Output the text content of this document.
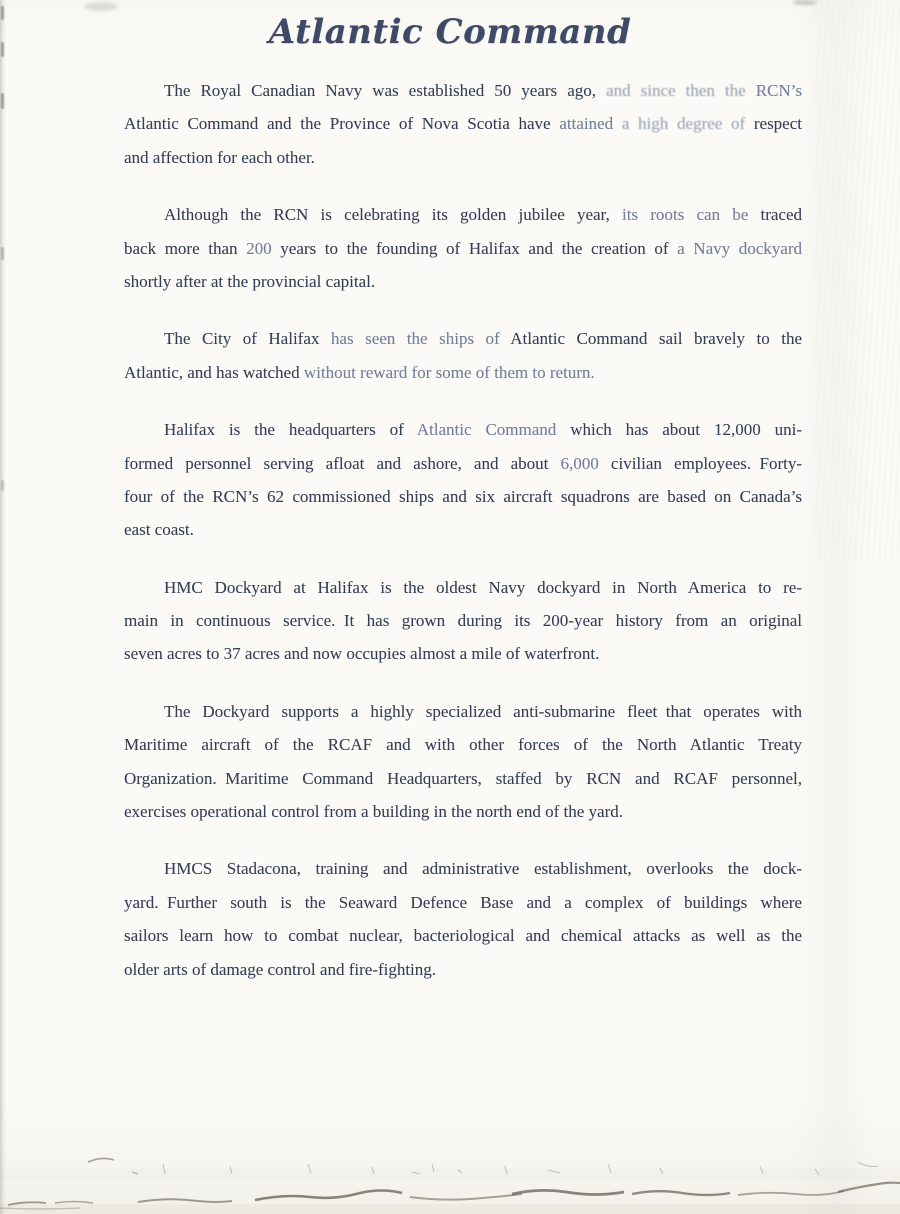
Atlantic Command
The Royal Canadian Navy was established 50 years ago, and since then the RCN’s
Atlantic Command and the Province of Nova Scotia have attained a high degree of respect
and affection for each other.
Although the RCN is celebrating its golden jubilee year, its roots can be traced
back more than 200 years to the founding of Halifax and the creation of a Navy dockyard
shortly after at the provincial capital.
The City of Halifax has seen the ships of Atlantic Command sail bravely to the
Atlantic, and has watched without reward for some of them to return.
Halifax is the headquarters of Atlantic Command which has about 12,000 uni-
formed personnel serving afloat and ashore, and about 6,000 civilian employees. Forty-
four of the RCN’s 62 commissioned ships and six aircraft squadrons are based on Canada’s
east coast.
HMC Dockyard at Halifax is the oldest Navy dockyard in North America to re-
main in continuous service. It has grown during its 200-year history from an original
seven acres to 37 acres and now occupies almost a mile of waterfront.
The Dockyard supports a highly specialized anti-submarine fleet that operates with
Maritime aircraft of the RCAF and with other forces of the North Atlantic Treaty
Organization. Maritime Command Headquarters, staffed by RCN and RCAF personnel,
exercises operational control from a building in the north end of the yard.
HMCS Stadacona, training and administrative establishment, overlooks the dock-
yard. Further south is the Seaward Defence Base and a complex of buildings where
sailors learn how to combat nuclear, bacteriological and chemical attacks as well as the
older arts of damage control and fire-fighting.
